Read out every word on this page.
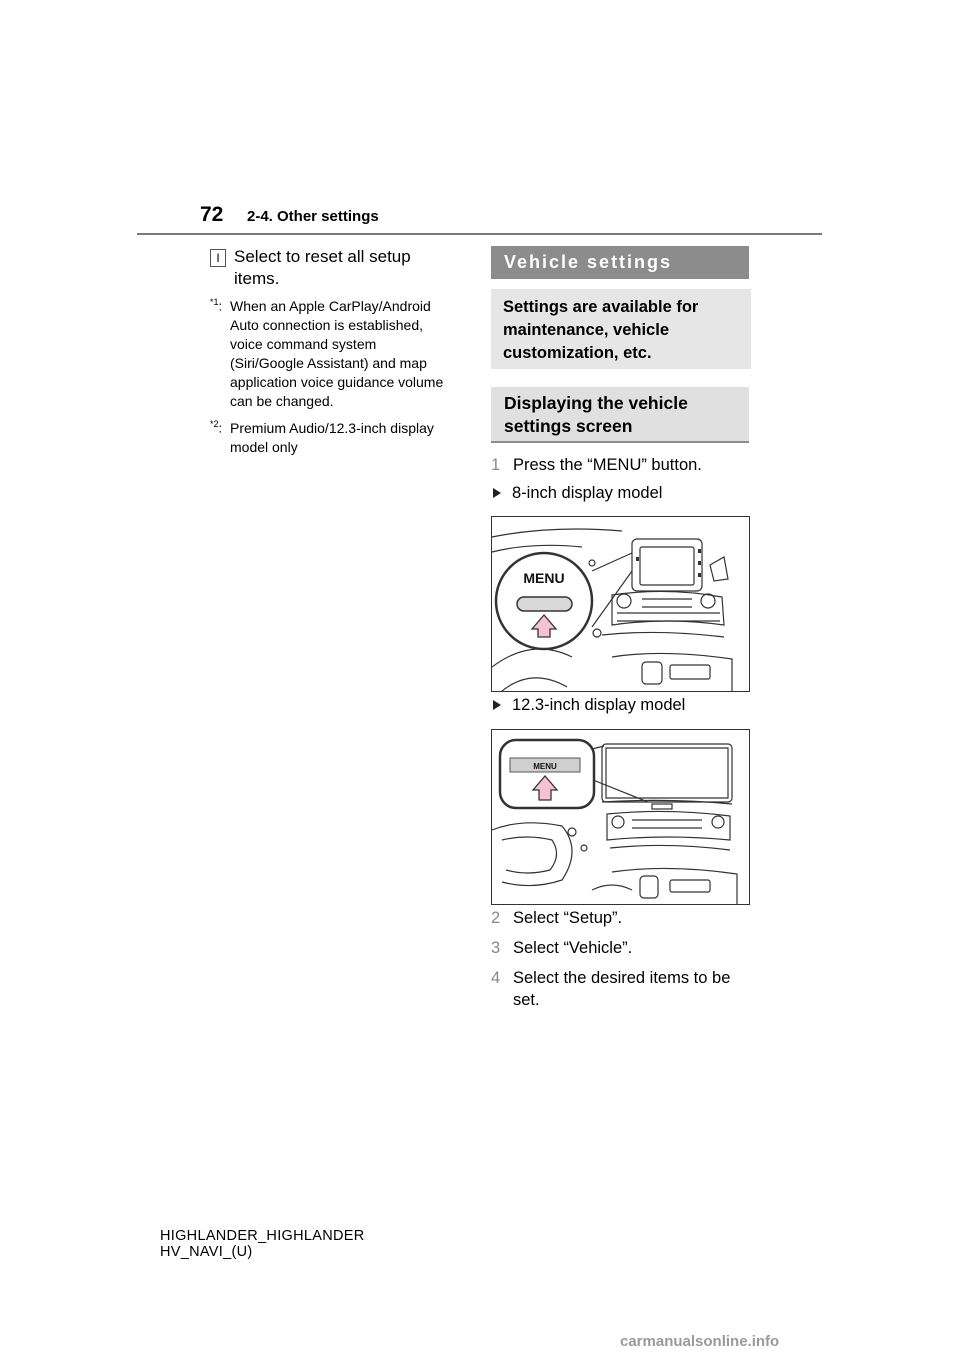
72 2-4. Other settings
I Select to reset all setup items.
$^{*1}$: When an Apple CarPlay/Android Auto connection is established, voice command system (Siri/Google Assistant) and map application voice guidance volume can be changed.
$^{*2}$: Premium Audio/12.3-inch display model only
Vehicle settings
Settings are available for maintenance, vehicle customization, etc.
Displaying the vehicle settings screen
1 Press the “MENU” button.
8-inch display model
MENU
12.3-inch display model
MENU
2 Select “Setup”.
3 Select “Vehicle”.
4 Select the desired items to be set.
HIGHLANDER_HIGHLANDER
HV_NAVI_(U)
carmanualsonline.info
